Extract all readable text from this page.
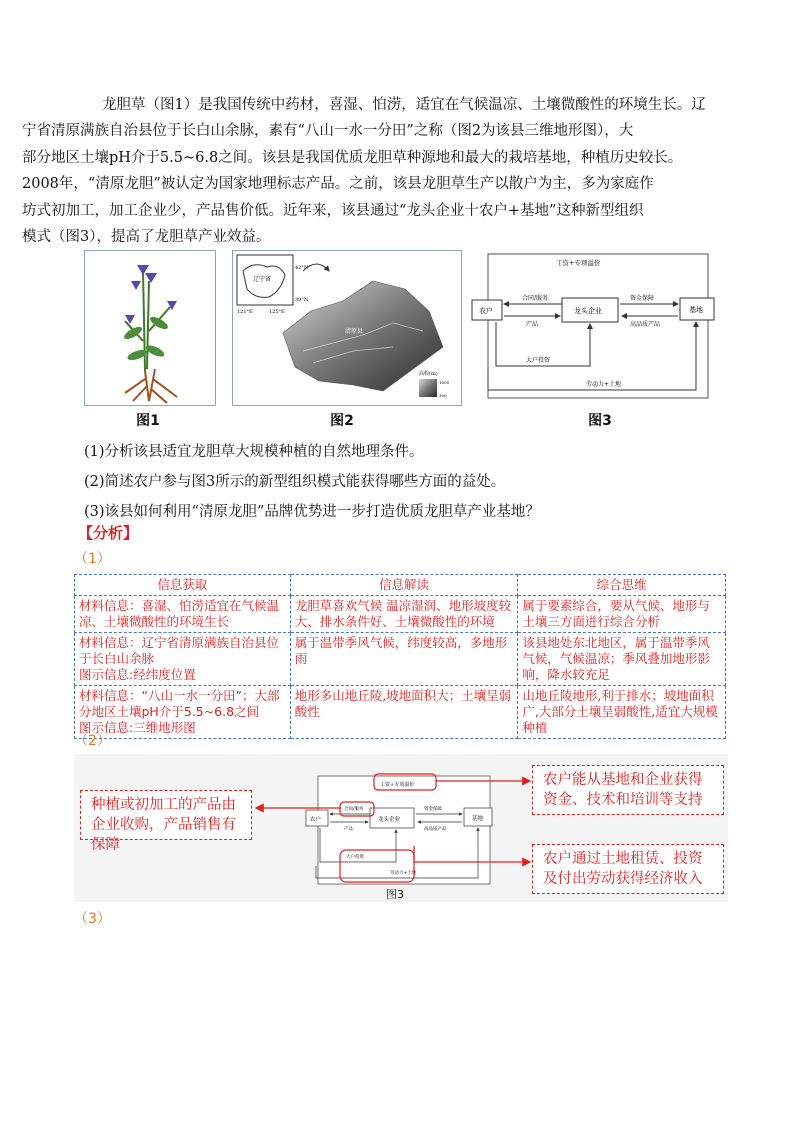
龙胆草（图1）是我国传统中药材，喜湿、怕涝，适宜在气候温凉、土壤微酸性的环境生长。辽

宁省清原满族自治县位于长白山余脉，素有“八山一水一分田”之称（图2为该县三维地形图），大

部分地区土壤pH介于5.5~6.8之间。该县是我国优质龙胆草种源地和最大的栽培基地，种植历史较长。

2008年，“清原龙胆”被认定为国家地理标志产品。之前，该县龙胆草生产以散户为主，多为家庭作

坊式初加工，加工企业少，产品售价低。近年来，该县通过“龙头企业十农户+基地”这种新型组织

模式（图3），提高了龙胆草产业效益。

图1
辽宁省
42°N
39°N
121°E	125°E
清原县
高程(m)
1000
100
图2
工资+专项溢价
农户	龙头企业	基地
合同/服务
产品
资金保障
高品质产品
大户投资
劳动力+土地
图3
(1)分析该县适宜龙胆草大规模种植的自然地理条件。
(2)简述农户参与图3所示的新型组织模式能获得哪些方面的益处。
(3)该县如何利用“清原龙胆”品牌优势进一步打造优质龙胆草产业基地？
【分析】
（1）
信息获取	信息解读	综合思维
材料信息：喜湿、怕涝适宜在气候温凉、土壤微酸性的环境生长	龙胆草喜欢气候 温凉湿润、地形坡度较大、排水条件好、土壤微酸性的环境	属于要素综合，要从气候、地形与土壤三方面进行综合分析
材料信息：辽宁省清原满族自治县位于长白山余脉
图示信息:经纬度位置	属于温带季风气候，纬度较高，多地形雨	该县地处东北地区，属于温带季风气候，气候温凉；季风叠加地形影响，降水较充足
材料信息：“八山一水一分田”；大部分地区土壤pH介于5.5~6.8之间
图示信息:三维地形图	地形多山地丘陵,坡地面积大；土壤呈弱酸性	山地丘陵地形,利于排水；坡地面积广,大部分土壤呈弱酸性,适宜大规模种植
（2）
工资+专项溢价
农户	龙头企业	基地
合同/服务
产品
资金保障
高品质产品
大户投资
劳动力+土地
图3
种植或初加工的产品由企业收购，产品销售有保障
农户能从基地和企业获得资金、技术和培训等支持
农户通过土地租赁、投资及付出劳动获得经济收入
（3）
